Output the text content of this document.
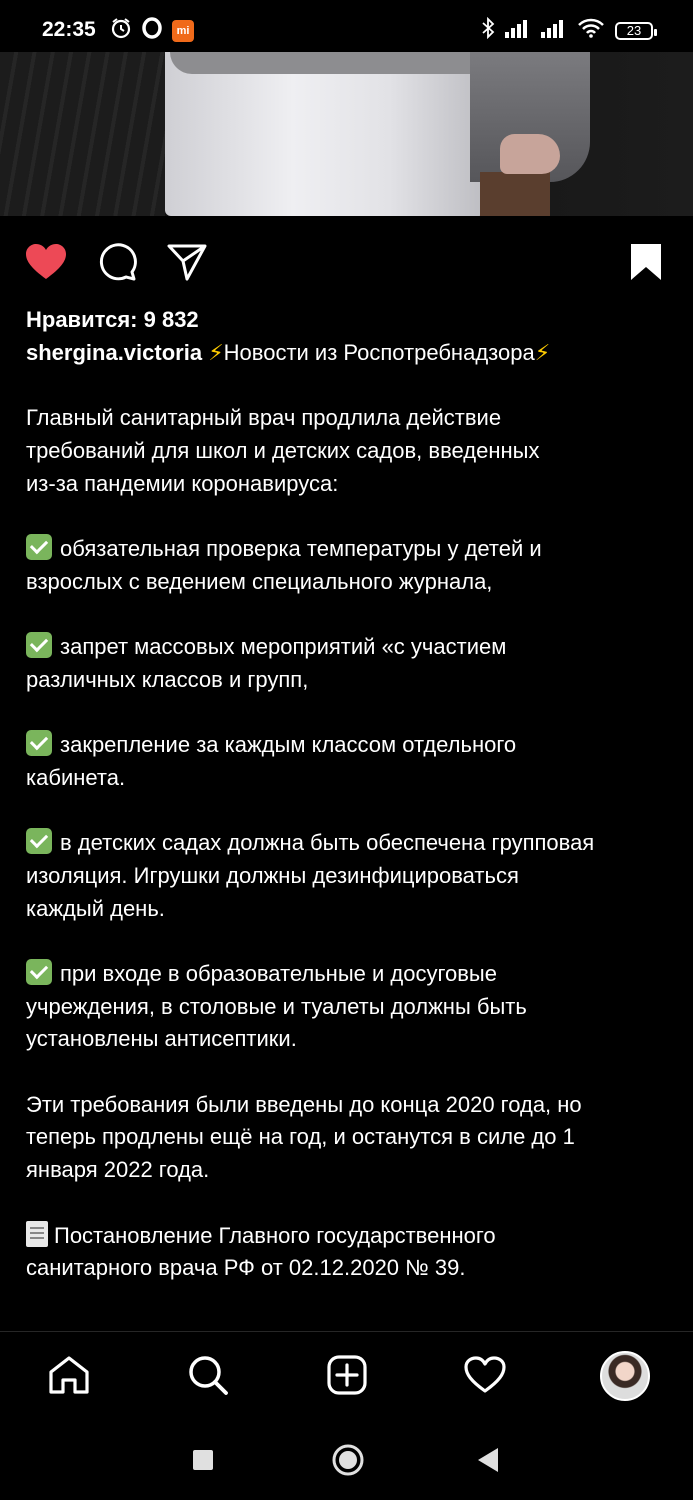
22:35	mi	23

Нравится: 9 832

shergina.victoria ⚡Новости из Роспотребнадзора⚡

Главный санитарный врач продлила действие

требований для школ и детских садов, введенных

из-за пандемии коронавируса:

обязательная проверка температуры у детей и

взрослых с ведением специального журнала,

запрет массовых мероприятий «с участием

различных классов и групп,

закрепление за каждым классом отдельного

кабинета.

в детских садах должна быть обеспечена групповая

изоляция. Игрушки должны дезинфицироваться

каждый день.

при входе в образовательные и досуговые

учреждения, в столовые и туалеты должны быть

установлены антисептики.

Эти требования были введены до конца 2020 года, но

теперь продлены ещё на год, и останутся в силе до 1

января 2022 года.

Постановление Главного государственного

санитарного врача РФ от 02.12.2020 № 39.
